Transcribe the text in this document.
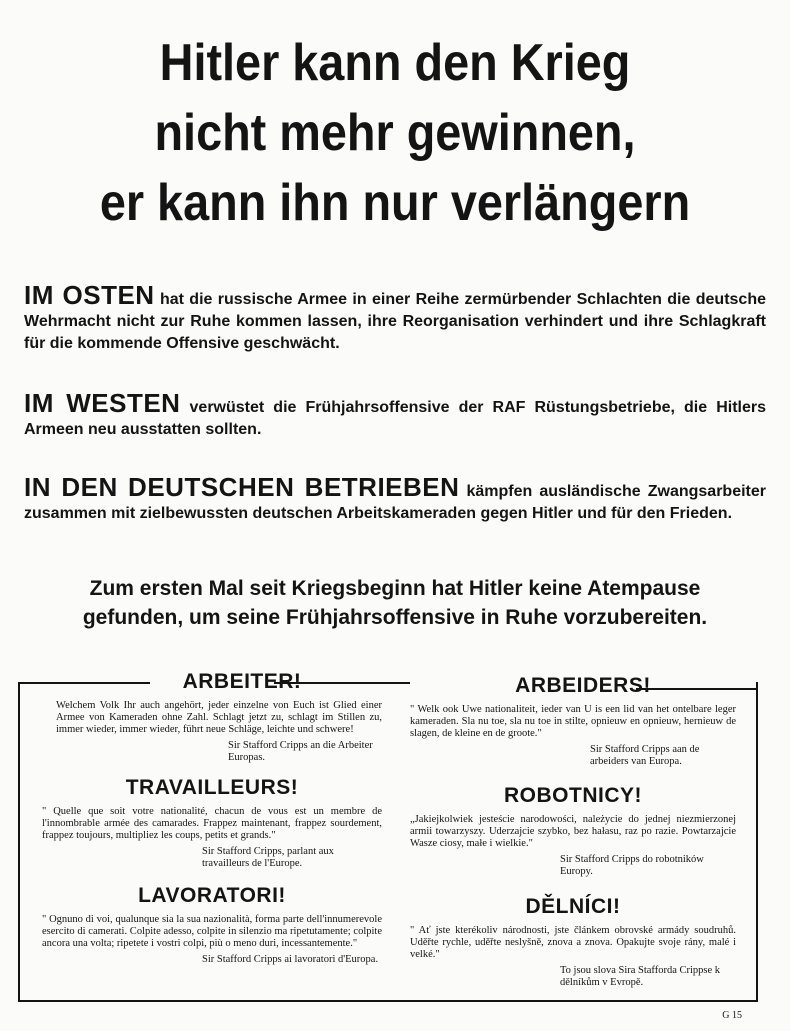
Hitler kann den Krieg
nicht mehr gewinnen,
er kann ihn nur verlängern
IM OSTEN hat die russische Armee in einer Reihe zermürbender Schlachten die deutsche Wehrmacht nicht zur Ruhe kommen lassen, ihre Reorganisation verhindert und ihre Schlagkraft für die kommende Offensive geschwächt.
IM WESTEN verwüstet die Frühjahrsoffensive der RAF Rüstungsbetriebe, die Hitlers Armeen neu ausstatten sollten.
IN DEN DEUTSCHEN BETRIEBEN kämpfen ausländische Zwangsarbeiter zusammen mit zielbewussten deutschen Arbeitskameraden gegen Hitler und für den Frieden.
Zum ersten Mal seit Kriegsbeginn hat Hitler keine Atempause
gefunden, um seine Frühjahrsoffensive in Ruhe vorzubereiten.
ARBEITER!

Welchem Volk Ihr auch angehört, jeder einzelne von Euch ist Glied einer Armee von Kameraden ohne Zahl. Schlagt jetzt zu, schlagt im Stillen zu, immer wieder, immer wieder, führt neue Schläge, leichte und schwere!

Sir Stafford Cripps an die Arbeiter Europas.

TRAVAILLEURS!

" Quelle que soit votre nationalité, chacun de vous est un membre de l'innombrable armée des camarades. Frappez maintenant, frappez sourdement, frappez toujours, multipliez les coups, petits et grands."

Sir Stafford Cripps, parlant aux travailleurs de l'Europe.

LAVORATORI!

" Ognuno di voi, qualunque sia la sua nazionalità, forma parte dell'innumerevole esercito di camerati. Colpite adesso, colpite in silenzio ma ripetutamente; colpite ancora una volta; ripetete i vostri colpi, più o meno duri, incessantemente."

Sir Stafford Cripps ai lavoratori d'Europa.

ARBEIDERS!

" Welk ook Uwe nationaliteit, ieder van U is een lid van het ontelbare leger kameraden. Sla nu toe, sla nu toe in stilte, opnieuw en opnieuw, hernieuw de slagen, de kleine en de groote."

Sir Stafford Cripps aan de arbeiders van Europa.

ROBOTNICY!

„Jakiejkolwiek jesteście narodowości, należycie do jednej niezmierzonej armii towarzyszy. Uderzajcie szybko, bez hałasu, raz po razie. Powtarzajcie Wasze ciosy, małe i wielkie."

Sir Stafford Cripps do robotników Europy.

DĚLNÍCI!

" Ať jste kterékoliv národnosti, jste článkem obrovské armády soudruhů. Uděřte rychle, uděřte neslyšně, znova a znova. Opakujte svoje rány, malé i velké."

To jsou slova Sira Stafforda Crippse k dělníkům v Evropě.

G 15
